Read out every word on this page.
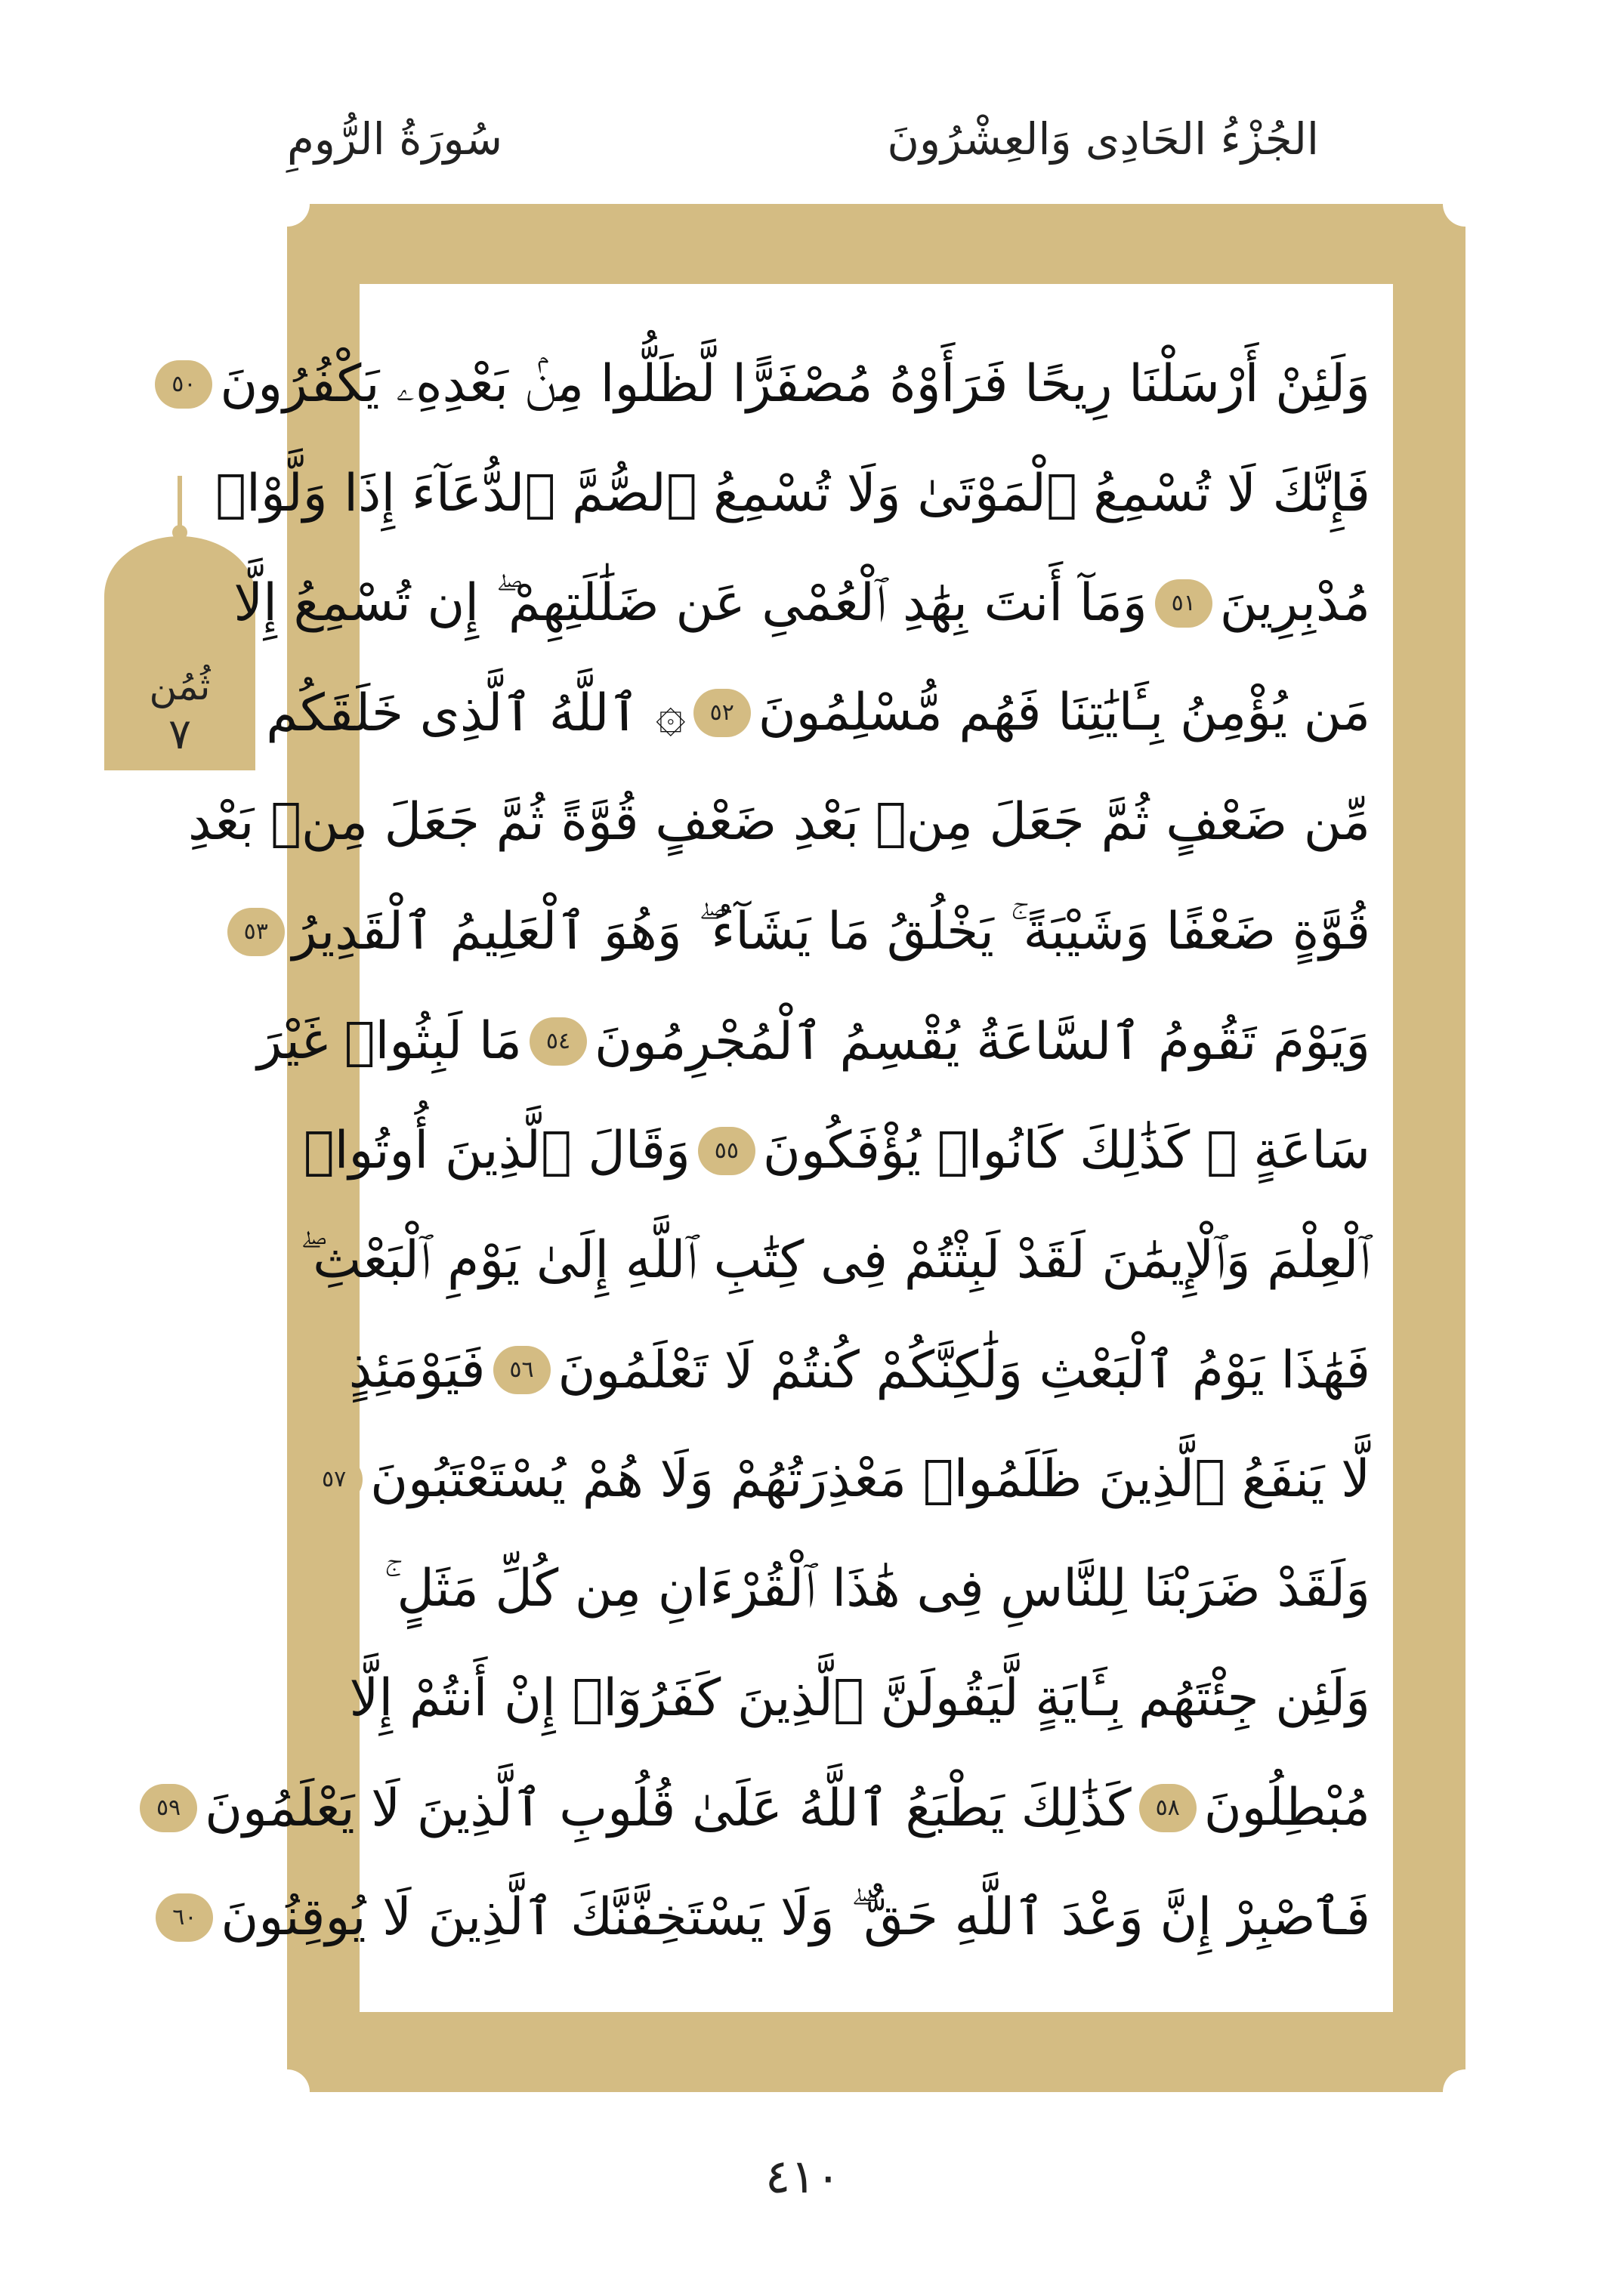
سُورَةُ الرُّومِ	الجُزْءُ الحَادِى وَالعِشْرُونَ
ثُمُن
٧
وَلَئِنْ أَرْسَلْنَا رِيحًا فَرَأَوْهُ مُصْفَرًّا لَّظَلُّوا مِنۢ بَعْدِهِۦ يَكْفُرُونَ
٥٠
فَإِنَّكَ لَا تُسْمِعُ ٱلْمَوْتَىٰ وَلَا تُسْمِعُ ٱلصُّمَّ ٱلدُّعَآءَ إِذَا وَلَّوْا۟
مُدْبِرِينَ
٥١
وَمَآ أَنتَ بِهَٰدِ ٱلْعُمْىِ عَن ضَلَٰلَتِهِمْ ۖ إِن تُسْمِعُ إِلَّا
مَن يُؤْمِنُ بِـَٔايَٰتِنَا فَهُم مُّسْلِمُونَ
٥٢
۞ ٱللَّهُ ٱلَّذِى خَلَقَكُم
مِّن ضَعْفٍ ثُمَّ جَعَلَ مِنۢ بَعْدِ ضَعْفٍ قُوَّةً ثُمَّ جَعَلَ مِنۢ بَعْدِ
قُوَّةٍ ضَعْفًا وَشَيْبَةً ۚ يَخْلُقُ مَا يَشَآءُ ۖ وَهُوَ ٱلْعَلِيمُ ٱلْقَدِيرُ
٥٣
وَيَوْمَ تَقُومُ ٱلسَّاعَةُ يُقْسِمُ ٱلْمُجْرِمُونَ
٥٤
مَا لَبِثُوا۟ غَيْرَ
سَاعَةٍ ۚ كَذَٰلِكَ كَانُوا۟ يُؤْفَكُونَ
٥٥
وَقَالَ ٱلَّذِينَ أُوتُوا۟
ٱلْعِلْمَ وَٱلْإِيمَٰنَ لَقَدْ لَبِثْتُمْ فِى كِتَٰبِ ٱللَّهِ إِلَىٰ يَوْمِ ٱلْبَعْثِ ۖ
فَهَٰذَا يَوْمُ ٱلْبَعْثِ وَلَٰكِنَّكُمْ كُنتُمْ لَا تَعْلَمُونَ
٥٦
فَيَوْمَئِذٍ
لَّا يَنفَعُ ٱلَّذِينَ ظَلَمُوا۟ مَعْذِرَتُهُمْ وَلَا هُمْ يُسْتَعْتَبُونَ
٥٧
وَلَقَدْ ضَرَبْنَا لِلنَّاسِ فِى هَٰذَا ٱلْقُرْءَانِ مِن كُلِّ مَثَلٍ ۚ
وَلَئِن جِئْتَهُم بِـَٔايَةٍ لَّيَقُولَنَّ ٱلَّذِينَ كَفَرُوٓا۟ إِنْ أَنتُمْ إِلَّا
مُبْطِلُونَ
٥٨
كَذَٰلِكَ يَطْبَعُ ٱللَّهُ عَلَىٰ قُلُوبِ ٱلَّذِينَ لَا يَعْلَمُونَ
٥٩
فَٱصْبِرْ إِنَّ وَعْدَ ٱللَّهِ حَقٌّ ۖ وَلَا يَسْتَخِفَّنَّكَ ٱلَّذِينَ لَا يُوقِنُونَ
٦٠
٤١٠
